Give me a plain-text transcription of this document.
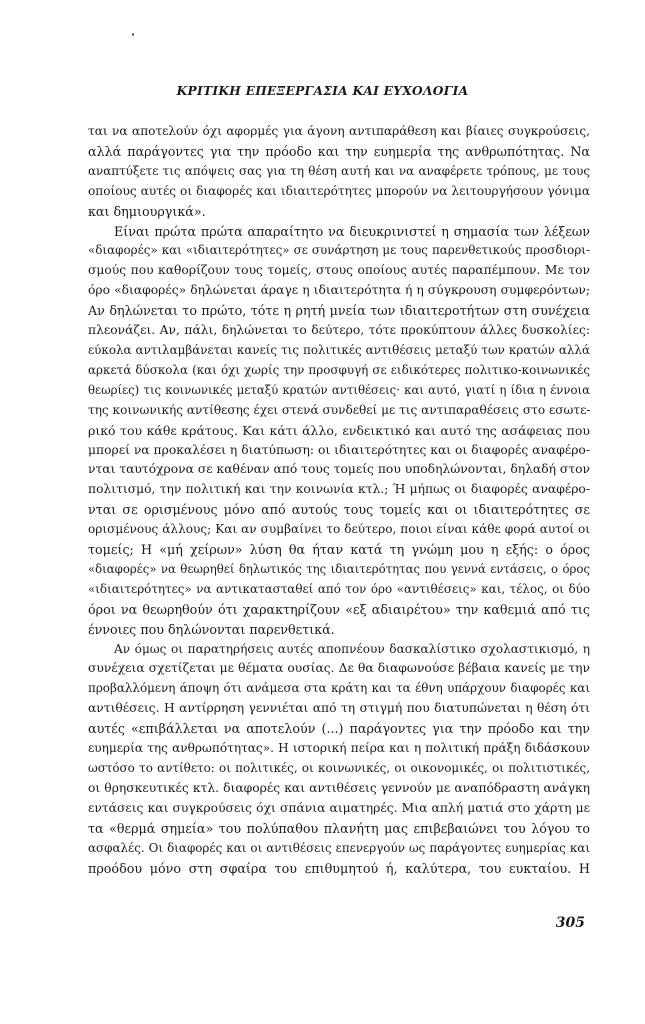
ΚΡΙΤΙΚΗ ΕΠΕΞΕΡΓΑΣΙΑ ΚΑΙ ΕΥΧΟΛΟΓΙΑ
ται να αποτελούν όχι αφορμές για άγονη αντιπαράθεση και βίαιες συγκρούσεις,
αλλά παράγοντες για την πρόοδο και την ευημερία της ανθρωπότητας. Να
αναπτύξετε τις απόψεις σας για τη θέση αυτή και να αναφέρετε τρόπους, με τους
οποίους αυτές οι διαφορές και ιδιαιτερότητες μπορούν να λειτουργήσουν γόνιμα
και δημιουργικά».
Είναι πρώτα πρώτα απαραίτητο να διευκρινιστεί η σημασία των λέξεων
«διαφορές» και «ιδιαιτερότητες» σε συνάρτηση με τους παρενθετικούς προσδιορι-
σμούς που καθορίζουν τους τομείς, στους οποίους αυτές παραπέμπουν. Με τον
όρο «διαφορές» δηλώνεται άραγε η ιδιαιτερότητα ή η σύγκρουση συμφερόντων;
Αν δηλώνεται το πρώτο, τότε η ρητή μνεία των ιδιαιτεροτήτων στη συνέχεια
πλεονάζει. Αν, πάλι, δηλώνεται το δεύτερο, τότε προκύπτουν άλλες δυσκολίες:
εύκολα αντιλαμβάνεται κανείς τις πολιτικές αντιθέσεις μεταξύ των κρατών αλλά
αρκετά δύσκολα (και όχι χωρίς την προσφυγή σε ειδικότερες πολιτικο-κοινωνικές
θεωρίες) τις κοινωνικές μεταξύ κρατών αντιθέσεις· και αυτό, γιατί η ίδια η έννοια
της κοινωνικής αντίθεσης έχει στενά συνδεθεί με τις αντιπαραθέσεις στο εσωτε-
ρικό του κάθε κράτους. Και κάτι άλλο, ενδεικτικό και αυτό της ασάφειας που
μπορεί να προκαλέσει η διατύπωση: οι ιδιαιτερότητες και οι διαφορές αναφέρο-
νται ταυτόχρονα σε καθέναν από τους τομείς που υποδηλώνονται, δηλαδή στον
πολιτισμό, την πολιτική και την κοινωνία κτλ.; Ή μήπως οι διαφορές αναφέρο-
νται σε ορισμένους μόνο από αυτούς τους τομείς και οι ιδιαιτερότητες σε
ορισμένους άλλους; Και αν συμβαίνει το δεύτερο, ποιοι είναι κάθε φορά αυτοί οι
τομείς; Η «μή χείρων» λύση θα ήταν κατά τη γνώμη μου η εξής: ο όρος
«διαφορές» να θεωρηθεί δηλωτικός της ιδιαιτερότητας που γεννά εντάσεις, ο όρος
«ιδιαιτερότητες» να αντικατασταθεί από τον όρο «αντιθέσεις» και, τέλος, οι δύο
όροι να θεωρηθούν ότι χαρακτηρίζουν «εξ αδιαιρέτου» την καθεμιά από τις
έννοιες που δηλώνονται παρενθετικά.
Αν όμως οι παρατηρήσεις αυτές αποπνέουν δασκαλίστικο σχολαστικισμό, η
συνέχεια σχετίζεται με θέματα ουσίας. Δε θα διαφωνούσε βέβαια κανείς με την
προβαλλόμενη άποψη ότι ανάμεσα στα κράτη και τα έθνη υπάρχουν διαφορές και
αντιθέσεις. Η αντίρρηση γεννιέται από τη στιγμή που διατυπώνεται η θέση ότι
αυτές «επιβάλλεται να αποτελούν (...) παράγοντες για την πρόοδο και την
ευημερία της ανθρωπότητας». Η ιστορική πείρα και η πολιτική πράξη διδάσκουν
ωστόσο το αντίθετο: οι πολιτικές, οι κοινωνικές, οι οικονομικές, οι πολιτιστικές,
οι θρησκευτικές κτλ. διαφορές και αντιθέσεις γεννούν με αναπόδραστη ανάγκη
εντάσεις και συγκρούσεις όχι σπάνια αιματηρές. Μια απλή ματιά στο χάρτη με
τα «θερμά σημεία» του πολύπαθου πλανήτη μας επιβεβαιώνει του λόγου το
ασφαλές. Οι διαφορές και οι αντιθέσεις επενεργούν ως παράγοντες ευημερίας και
προόδου μόνο στη σφαίρα του επιθυμητού ή, καλύτερα, του ευκταίου. Η
305
